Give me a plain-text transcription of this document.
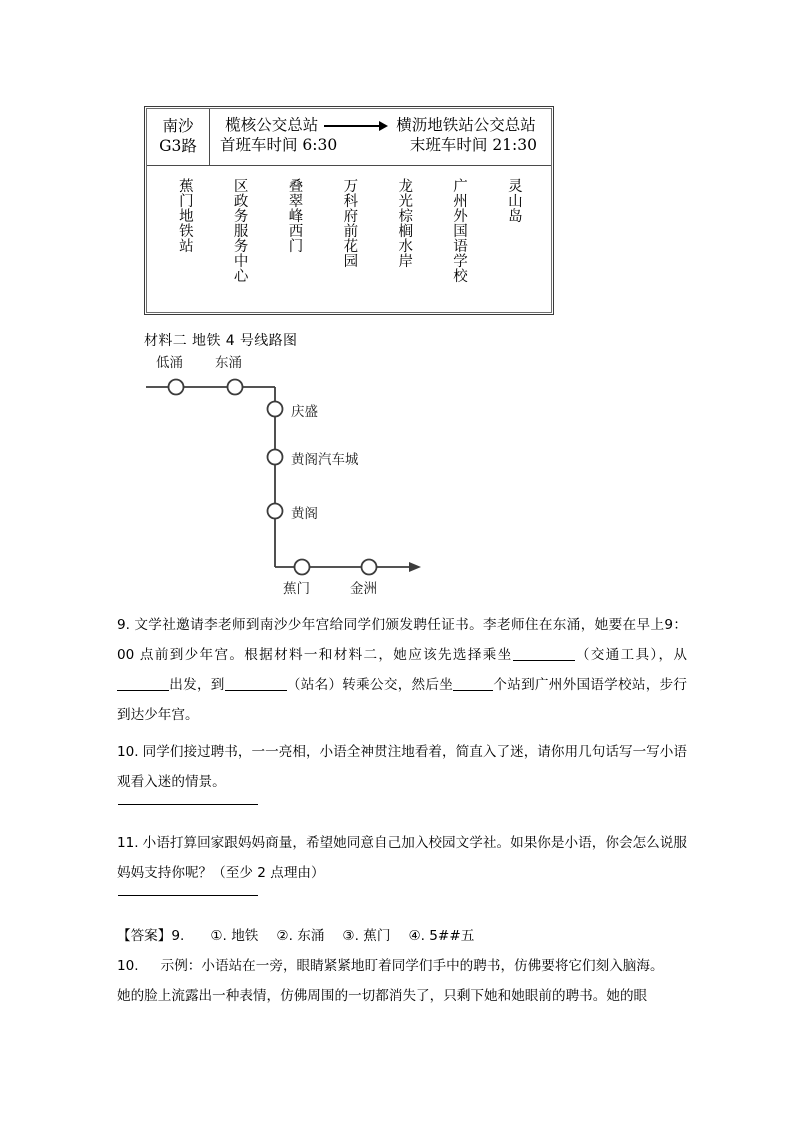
南沙
G3路
榄核公交总站	横沥地铁站公交总站
首班车时间 6:30	末班车时间 21:30
蕉门地铁站	区政务服务中心	叠翠峰西门	万科府前花园	龙光棕榈水岸	广州外国语学校	灵山岛
材料二 地铁 4 号线路图
低涌 东涌
庆盛
黄阁汽车城
黄阁
蕉门	金洲
9. 文学社邀请李老师到南沙少年宫给同学们颁发聘任证书。李老师住在东涌，她要在早上9：00 点前到少年宫。根据材料一和材料二，她应该先选择乘坐	（交通工具），从出发，到	（站名）转乘公交，然后坐	个站到广州外国语学校站，步行到达少年宫。
10. 同学们接过聘书，一一亮相，小语全神贯注地看着，简直入了迷，请你用几句话写一写小语观看入迷的情景。
11. 小语打算回家跟妈妈商量，希望她同意自己加入校园文学社。如果你是小语，你会怎么说服妈妈支持你呢？（至少 2 点理由）
【答案】9. ①. 地铁 ②. 东涌 ③. 蕉门 ④. 5##五
10. 示例：小语站在一旁，眼睛紧紧地盯着同学们手中的聘书，仿佛要将它们刻入脑海。
她的脸上流露出一种表情，仿佛周围的一切都消失了，只剩下她和她眼前的聘书。她的眼
